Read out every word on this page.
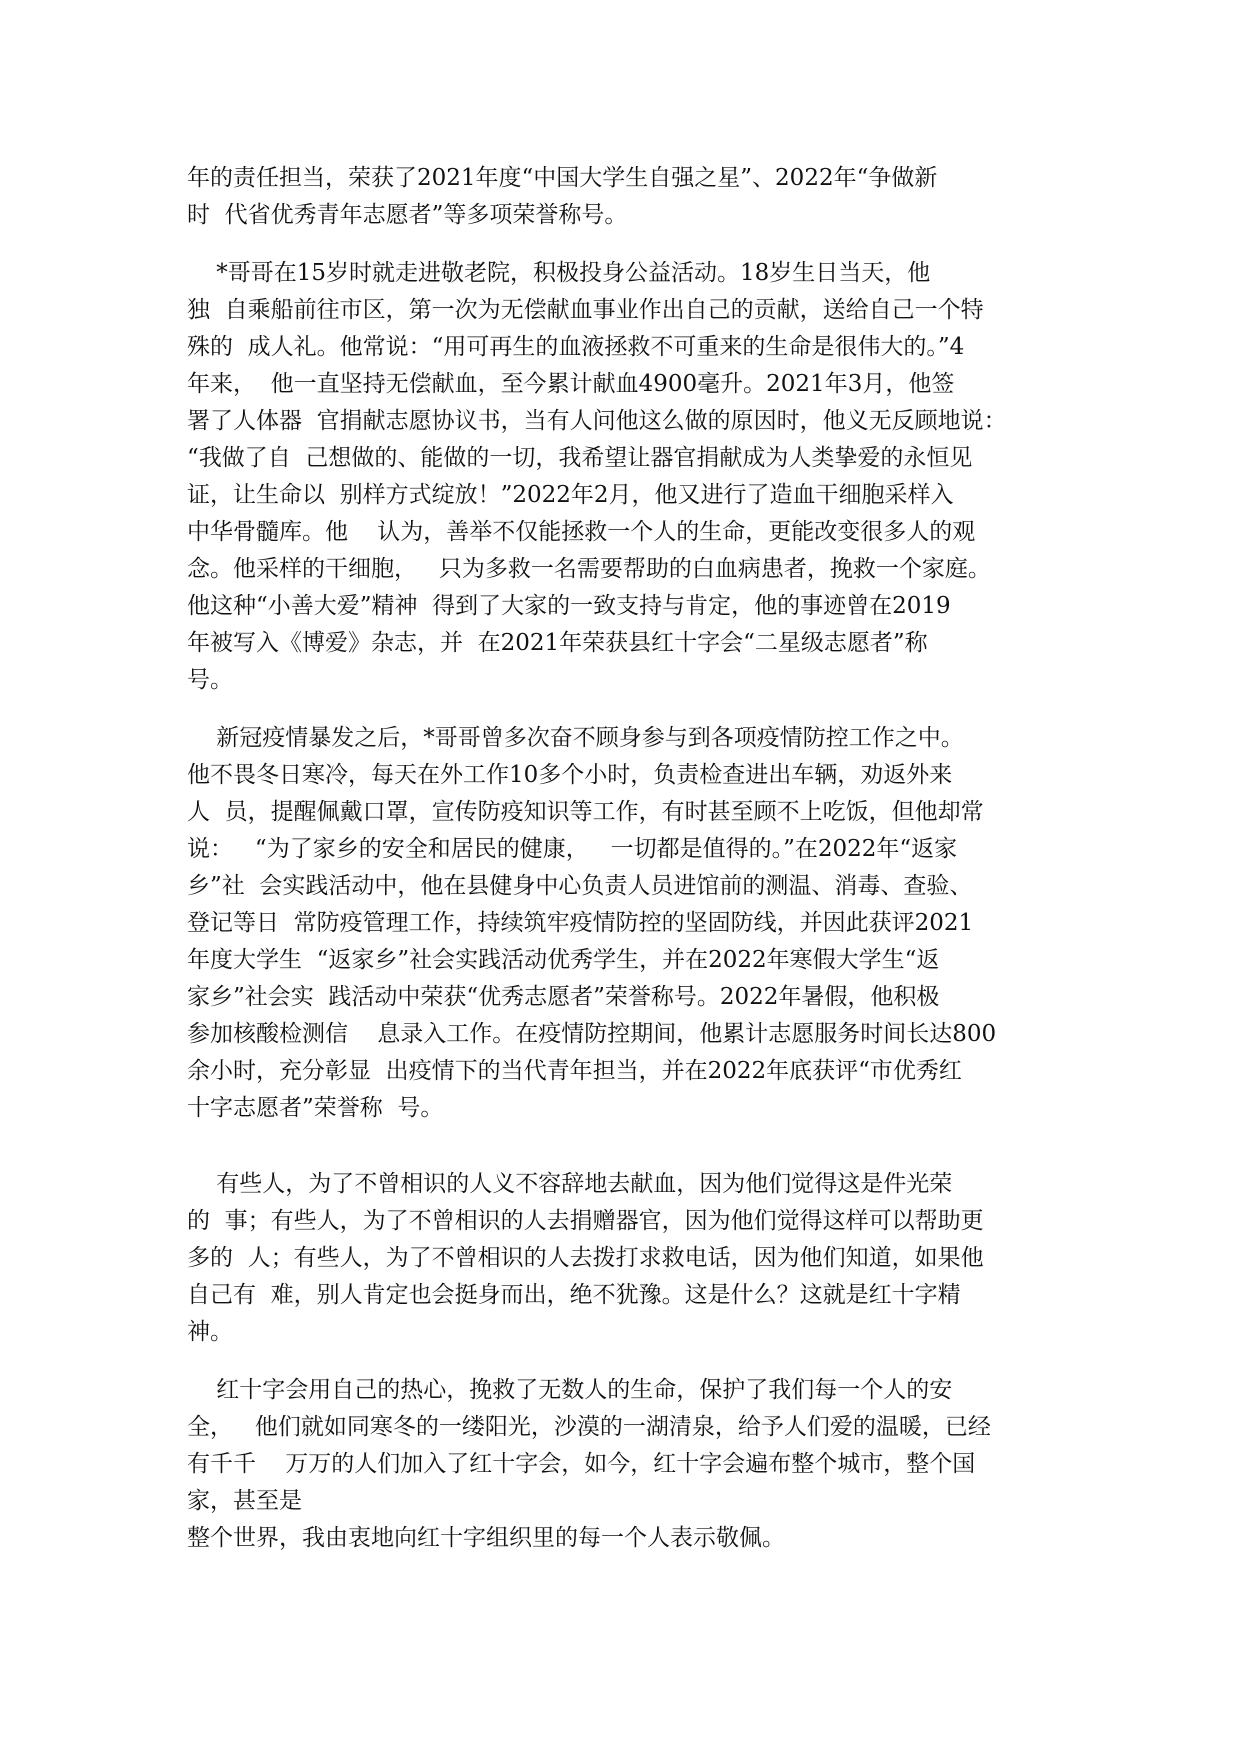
年的责任担当，荣获了2021年度“中国大学生自强之星”、2022年“争做新
时  代省优秀青年志愿者”等多项荣誉称号。
*哥哥在15岁时就走进敬老院，积极投身公益活动。18岁生日当天，他
独  自乘船前往市区，第一次为无偿献血事业作出自己的贡献，送给自己一个特
殊的  成人礼。他常说：“用可再生的血液拯救不可重来的生命是很伟大的。”4
年来，  他一直坚持无偿献血，至今累计献血4900毫升。2021年3月，他签
署了人体器  官捐献志愿协议书，当有人问他这么做的原因时，他义无反顾地说：
“我做了自  己想做的、能做的一切，我希望让器官捐献成为人类挚爱的永恒见
证，让生命以  别样方式绽放！”2022年2月，他又进行了造血干细胞采样入
中华骨髓库。他    认为，善举不仅能拯救一个人的生命，更能改变很多人的观
念。他采样的干细胞，   只为多救一名需要帮助的白血病患者，挽救一个家庭。
他这种“小善大爱”精神  得到了大家的一致支持与肯定，他的事迹曾在2019
年被写入《博爱》杂志，并  在2021年荣获县红十字会“二星级志愿者”称
号。
新冠疫情暴发之后，*哥哥曾多次奋不顾身参与到各项疫情防控工作之中。
他不畏冬日寒冷，每天在外工作10多个小时，负责检查进出车辆，劝返外来
人  员，提醒佩戴口罩，宣传防疫知识等工作，有时甚至顾不上吃饭，但他却常
说：   “为了家乡的安全和居民的健康，   一切都是值得的。”在2022年“返家
乡”社  会实践活动中，他在县健身中心负责人员进馆前的测温、消毒、查验、
登记等日  常防疫管理工作，持续筑牢疫情防控的坚固防线，并因此获评2021
年度大学生  “返家乡”社会实践活动优秀学生，并在2022年寒假大学生“返
家乡”社会实  践活动中荣获“优秀志愿者”荣誉称号。2022年暑假，他积极
参加核酸检测信    息录入工作。在疫情防控期间，他累计志愿服务时间长达800
余小时，充分彰显  出疫情下的当代青年担当，并在2022年底获评“市优秀红
十字志愿者”荣誉称  号。
有些人，为了不曾相识的人义不容辞地去献血，因为他们觉得这是件光荣
的  事；有些人，为了不曾相识的人去捐赠器官，因为他们觉得这样可以帮助更
多的  人；有些人，为了不曾相识的人去拨打求救电话，因为他们知道，如果他
自己有  难，别人肯定也会挺身而出，绝不犹豫。这是什么？这就是红十字精
神。
红十字会用自己的热心，挽救了无数人的生命，保护了我们每一个人的安
全，   他们就如同寒冬的一缕阳光，沙漠的一湖清泉，给予人们爱的温暖，已经
有千千    万万的人们加入了红十字会，如今，红十字会遍布整个城市，整个国
家，甚至是
整个世界，我由衷地向红十字组织里的每一个人表示敬佩。
